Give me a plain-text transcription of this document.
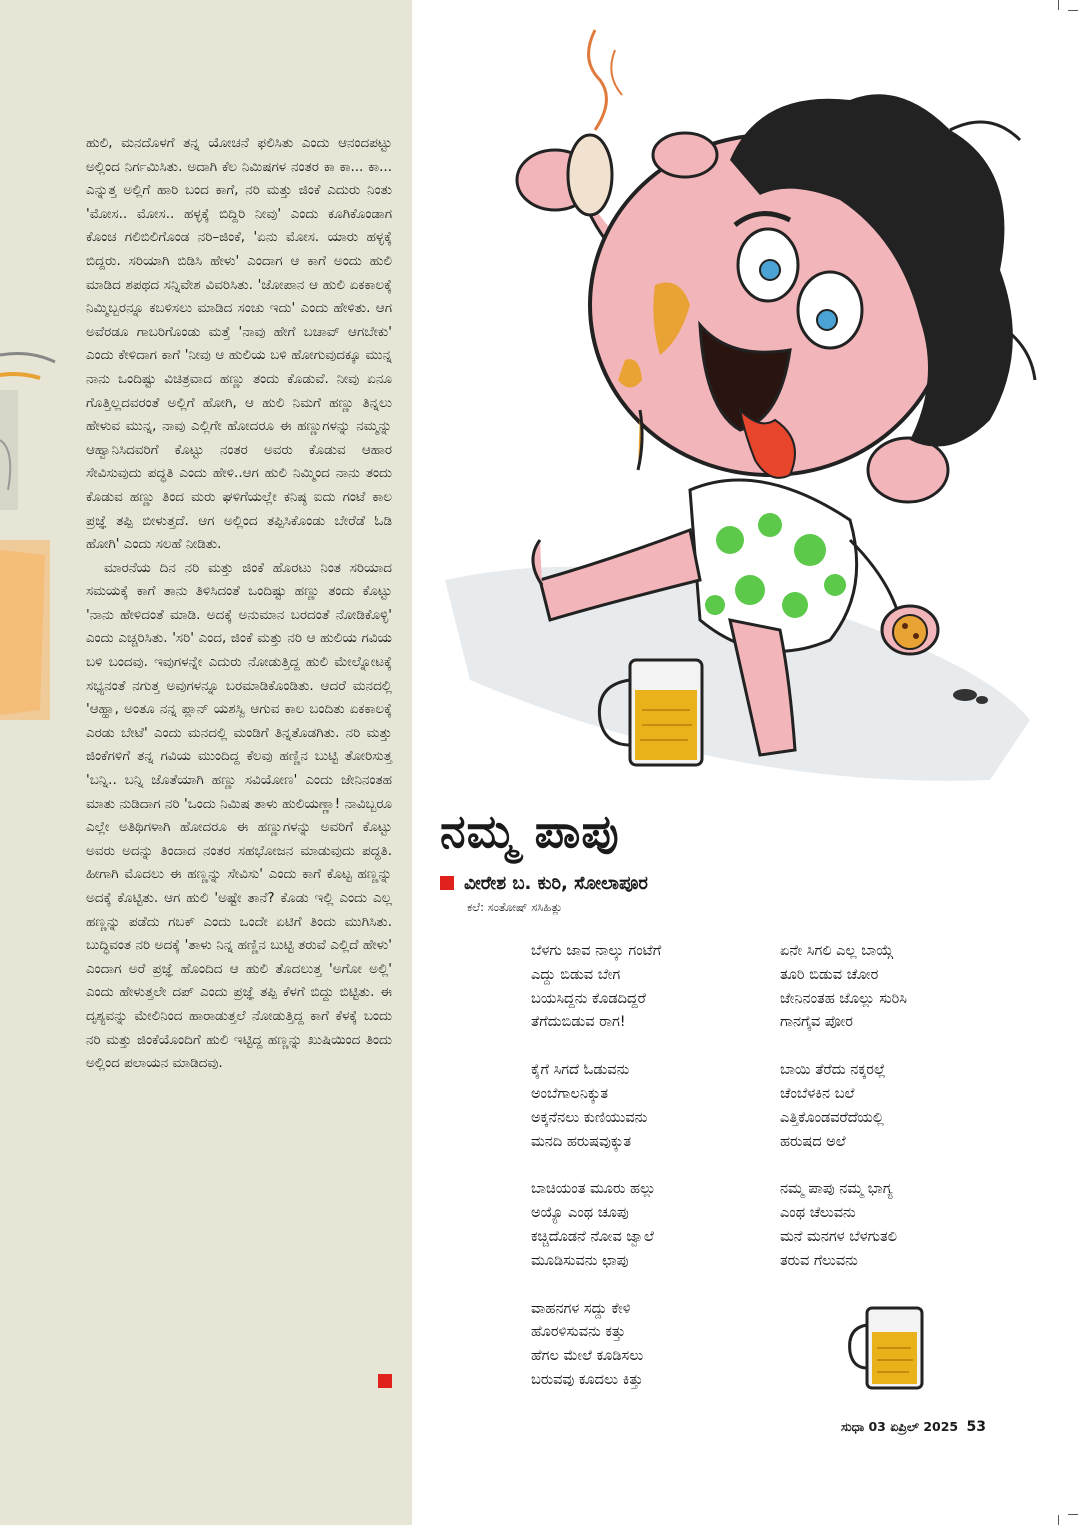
ಹುಲಿ, ಮನದೊಳಗೆ ತನ್ನ ಯೋಚನೆ ಫಲಿಸಿತು ಎಂದು ಆನಂದಪಟ್ಟು ಅಲ್ಲಿಂದ ನಿರ್ಗಮಿಸಿತು. ಅದಾಗಿ ಕೆಲ ನಿಮಿಷಗಳ ನಂತರ ಕಾ ಕಾ... ಕಾ... ಎನ್ನುತ್ತ ಅಲ್ಲಿಗೆ ಹಾರಿ ಬಂದ ಕಾಗೆ, ನರಿ ಮತ್ತು ಜಿಂಕೆ ಎದುರು ನಿಂತು 'ಮೋಸ.. ಮೋಸ.. ಹಳ್ಳಕ್ಕೆ ಬಿದ್ದಿರಿ ನೀವು' ಎಂದು ಕೂಗಿಕೊಂಡಾಗ ಕೊಂಚ ಗಲಿಬಿಲಿಗೊಂಡ ನರಿ–ಜಿಂಕೆ, 'ಏನು ಮೋಸ. ಯಾರು ಹಳ್ಳಕ್ಕೆ ಬಿದ್ದರು. ಸರಿಯಾಗಿ ಬಿಡಿಸಿ ಹೇಳು' ಎಂದಾಗ ಆ ಕಾಗೆ ಅಂದು ಹುಲಿ ಮಾಡಿದ ಶಪಥದ ಸನ್ನಿವೇಶ ವಿವರಿಸಿತು. 'ಜೋಪಾನ ಆ ಹುಲಿ ಏಕಕಾಲಕ್ಕೆ ನಿಮ್ಮಿಬ್ಬರನ್ನೂ ಕಬಳಿಸಲು ಮಾಡಿದ ಸಂಚು ಇದು' ಎಂದು ಹೇಳಿತು. ಆಗ ಅವೆರಡೂ ಗಾಬರಿಗೊಂಡು ಮತ್ತೆ 'ನಾವು ಹೇಗೆ ಬಚಾವ್ ಆಗಬೇಕು' ಎಂದು ಕೇಳಿದಾಗ ಕಾಗೆ 'ನೀವು ಆ ಹುಲಿಯ ಬಳಿ ಹೋಗುವುದಕ್ಕೂ ಮುನ್ನ ನಾನು ಒಂದಿಷ್ಟು ವಿಚಿತ್ರವಾದ ಹಣ್ಣು ತಂದು ಕೊಡುವೆ. ನೀವು ಏನೂ ಗೊತ್ತಿಲ್ಲದವರಂತೆ ಅಲ್ಲಿಗೆ ಹೋಗಿ, ಆ ಹುಲಿ ನಿಮಗೆ ಹಣ್ಣು ತಿನ್ನಲು ಹೇಳುವ ಮುನ್ನ, ನಾವು ಎಲ್ಲಿಗೇ ಹೋದರೂ ಈ ಹಣ್ಣುಗಳನ್ನು ನಮ್ಮನ್ನು ಆಹ್ವಾನಿಸಿದವರಿಗೆ ಕೊಟ್ಟು ನಂತರ ಅವರು ಕೊಡುವ ಆಹಾರ ಸೇವಿಸುವುದು ಪದ್ಧತಿ ಎಂದು ಹೇಳಿ..ಆಗ ಹುಲಿ ನಿಮ್ಮಿಂದ ನಾನು ತಂದು ಕೊಡುವ ಹಣ್ಣು ತಿಂದ ಮರು ಘಳಿಗೆಯಲ್ಲೇ ಕನಿಷ್ಠ ಐದು ಗಂಟೆ ಕಾಲ ಪ್ರಜ್ಞೆ ತಪ್ಪಿ ಬೀಳುತ್ತದೆ. ಆಗ ಅಲ್ಲಿಂದ ತಪ್ಪಿಸಿಕೊಂಡು ಬೇರೆಡೆ ಓಡಿ ಹೋಗಿ' ಎಂದು ಸಲಹೆ ನೀಡಿತು.

ಮಾರನೆಯ ದಿನ ನರಿ ಮತ್ತು ಜಿಂಕೆ ಹೊರಟು ನಿಂತ ಸರಿಯಾದ ಸಮಯಕ್ಕೆ ಕಾಗೆ ತಾನು ತಿಳಿಸಿದಂತೆ ಒಂದಿಷ್ಟು ಹಣ್ಣು ತಂದು ಕೊಟ್ಟು 'ನಾನು ಹೇಳಿದಂತೆ ಮಾಡಿ. ಅದಕ್ಕೆ ಅನುಮಾನ ಬರದಂತೆ ನೋಡಿಕೊಳ್ಳಿ' ಎಂದು ಎಚ್ಚರಿಸಿತು. 'ಸರಿ' ಎಂದ, ಜಿಂಕೆ ಮತ್ತು ನರಿ ಆ ಹುಲಿಯ ಗವಿಯ ಬಳಿ ಬಂದವು. ಇವುಗಳನ್ನೇ ಎದುರು ನೋಡುತ್ತಿದ್ದ ಹುಲಿ ಮೇಲ್ನೋಟಕ್ಕೆ ಸಭ್ಯನಂತೆ ನಗುತ್ತ ಅವುಗಳನ್ನೂ ಬರಮಾಡಿಕೊಂಡಿತು. ಆದರೆ ಮನದಲ್ಲಿ 'ಆಹ್ಹಾ, ಅಂತೂ ನನ್ನ ಪ್ಲಾನ್ ಯಶಸ್ವಿ ಆಗುವ ಕಾಲ ಬಂದಿತು ಏಕಕಾಲಕ್ಕೆ ಎರಡು ಬೇಟೆ' ಎಂದು ಮನದಲ್ಲಿ ಮಂಡಿಗೆ ತಿನ್ನತೊಡಗಿತು. ನರಿ ಮತ್ತು ಜಿಂಕೆಗಳಿಗೆ ತನ್ನ ಗವಿಯ ಮುಂದಿದ್ದ ಕೆಲವು ಹಣ್ಣಿನ ಬುಟ್ಟಿ ತೋರಿಸುತ್ತ 'ಬನ್ನಿ.. ಬನ್ನಿ ಜೊತೆಯಾಗಿ ಹಣ್ಣು ಸವಿಯೋಣ' ಎಂದು ಜೇನಿನಂತಹ ಮಾತು ನುಡಿದಾಗ ನರಿ 'ಒಂದು ನಿಮಿಷ ತಾಳು ಹುಲಿಯಣ್ಣಾ! ನಾವಿಬ್ಬರೂ ಎಲ್ಲೇ ಅತಿಥಿಗಳಾಗಿ ಹೋದರೂ ಈ ಹಣ್ಣುಗಳನ್ನು ಅವರಿಗೆ ಕೊಟ್ಟು ಅವರು ಅದನ್ನು ತಿಂದಾದ ನಂತರ ಸಹಭೋಜನ ಮಾಡುವುದು ಪದ್ಧತಿ. ಹೀಗಾಗಿ ಮೊದಲು ಈ ಹಣ್ಣನ್ನು ಸೇವಿಸು' ಎಂದು ಕಾಗೆ ಕೊಟ್ಟ ಹಣ್ಣನ್ನು ಅದಕ್ಕೆ ಕೊಟ್ಟಿತು. ಆಗ ಹುಲಿ 'ಅಷ್ಟೇ ತಾನೆ? ಕೊಡು ಇಲ್ಲಿ ಎಂದು ಎಲ್ಲ ಹಣ್ಣನ್ನು ಪಡೆದು ಗಬಕ್ ಎಂದು ಒಂದೇ ಏಟಿಗೆ ತಿಂದು ಮುಗಿಸಿತು. ಬುದ್ಧಿವಂತ ನರಿ ಅದಕ್ಕೆ 'ತಾಳು ನಿನ್ನ ಹಣ್ಣಿನ ಬುಟ್ಟಿ ತರುವೆ ಎಲ್ಲಿದೆ ಹೇಳು' ಎಂದಾಗ ಅರೆ ಪ್ರಜ್ಞೆ ಹೊಂದಿದ ಆ ಹುಲಿ ತೊದಲುತ್ತ 'ಅಗೋ ಅಲ್ಲಿ' ಎಂದು ಹೇಳುತ್ತಲೇ ದಪ್ ಎಂದು ಪ್ರಜ್ಞೆ ತಪ್ಪಿ ಕೆಳಗೆ ಬಿದ್ದು ಬಿಟ್ಟಿತು. ಈ ದೃಶ್ಯವನ್ನು ಮೇಲಿನಿಂದ ಹಾರಾಡುತ್ತಲೆ ನೋಡುತ್ತಿದ್ದ ಕಾಗೆ ಕೆಳಕ್ಕೆ ಬಂದು ನರಿ ಮತ್ತು ಜಿಂಕೆಯೊಂದಿಗೆ ಹುಲಿ ಇಟ್ಟಿದ್ದ ಹಣ್ಣನ್ನು ಖುಷಿಯಿಂದ ತಿಂದು ಅಲ್ಲಿಂದ ಪಲಾಯನ ಮಾಡಿದವು.

ನಮ್ಮ ಪಾಪು
ವೀರೇಶ ಬ. ಕುರಿ, ಸೋಲಾಪೂರ
ಕಲೆ: ಸಂತೋಷ್ ಸಸಿಹಿತ್ಲು
ಬೆಳಗು ಜಾವ ನಾಲ್ಕು ಗಂಟೆಗೆ
ಎದ್ದು ಬಿಡುವ ಬೇಗ
ಬಯಸಿದ್ದನು ಕೊಡದಿದ್ದರೆ
ತೆಗೆದುಬಿಡುವ ರಾಗ!
ಕೈಗೆ ಸಿಗದೆ ಓಡುವನು
ಅಂಬೆಗಾಲನಿಕ್ಕುತ
ಅಕ್ಕನೆನಲು ಕುಣಿಯುವನು
ಮನದಿ ಹರುಷವುಕ್ಕುತ
ಬಾಚಿಯಂತ ಮೂರು ಹಲ್ಲು
ಅಯ್ಯೊ ಎಂಥ ಚೂಪು
ಕಚ್ಚಿದೊಡನೆ ನೋವ ಜ್ವಾಲೆ
ಮೂಡಿಸುವನು ಛಾಪು
ವಾಹನಗಳ ಸದ್ದು ಕೇಳಿ
ಹೊರಳಿಸುವನು ಕತ್ತು
ಹೆಗಲ ಮೇಲೆ ಕೂಡಿಸಲು
ಬರುವವು ಕೂದಲು ಕಿತ್ತು
ಏನೇ ಸಿಗಲಿ ಎಲ್ಲ ಬಾಯ್ಗೆ
ತೂರಿ ಬಿಡುವ ಚೋರ
ಜೇನಿನಂತಹ ಜೊಲ್ಲು ಸುರಿಸಿ
ಗಾನಗೈವ ಪೋರ
ಬಾಯಿ ತೆರೆದು ನಕ್ಕರಲ್ಲೆ
ಚೆಂಬೆಳಕಿನ ಬಲೆ
ಎತ್ತಿಕೊಂಡವರೆದೆಯಲ್ಲಿ
ಹರುಷದ ಅಲೆ
ನಮ್ಮ ಪಾಪು ನಮ್ಮ ಭಾಗ್ಯ
ಎಂಥ ಚೆಲುವನು
ಮನೆ ಮನಗಳ ಬೆಳಗುತಲಿ
ತರುವ ಗೆಲುವನು
ಸುಧಾ 03 ಏಪ್ರಿಲ್ 2025 53
